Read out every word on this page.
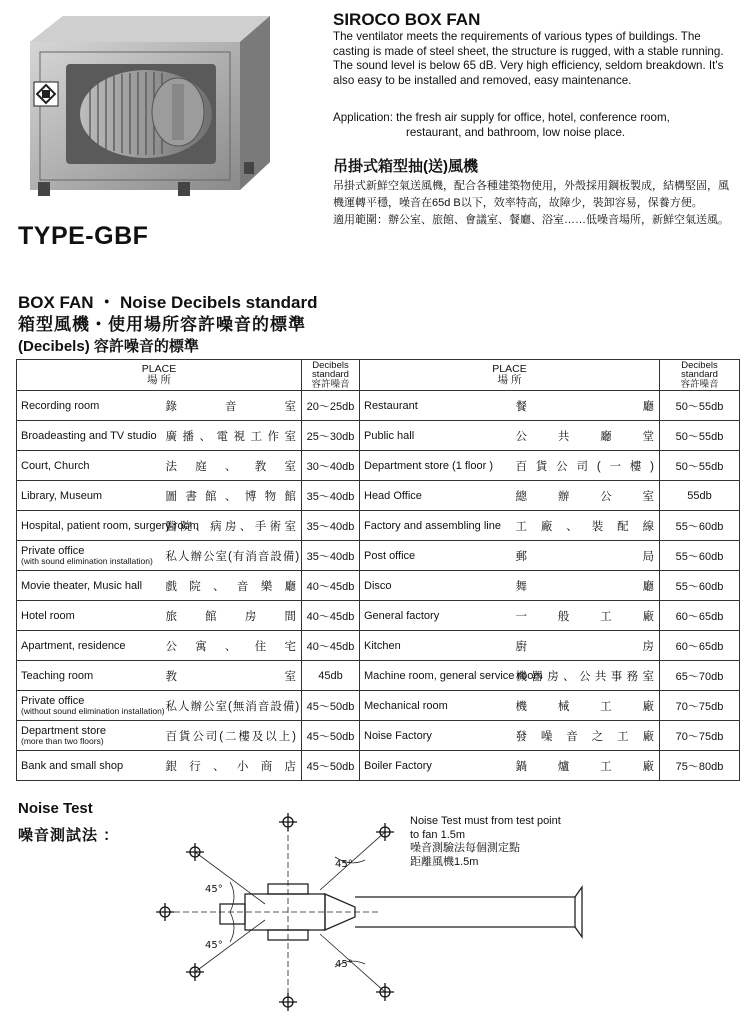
TYPE-GBF
SIROCO BOX FAN
The ventilator meets the requirements of various types of buildings. The casting is made of steel sheet, the structure is rugged, with a stable running. The sound level is below 65 dB. Very high efficiency, seldom breakdown. It's also easy to be installed and removed, easy maintenance.
Application: the fresh air supply for office, hotel, conference room,
restaurant, and bathroom, low noise place.
吊掛式箱型抽(送)風機
吊掛式新鮮空氣送風機，配合各種建築物使用，外殼採用鋼板製成，結構堅固，風機運轉平穩，噪音在65d B以下，效率特高，故障少，裝卸容易，保養方便。
適用範圍：辦公室、旅館、會議室、餐廳、浴室……低噪音場所，新鮮空氣送風。
BOX FAN ・ Noise Decibels standard
箱型風機・使用場所容許噪音的標準
(Decibels) 容許噪音的標準
PLACE
場 所		Decibels
standard
容許噪音	PLACE
場 所		Decibels
standard
容許噪音

Recording room	錄音室	20～25db	Restaurant	餐廳	50～55db
Broadeasting and TV studio	廣播、電視工作室	25～30db	Public hall	公共廳堂	50～55db
Court, Church	法庭、教室	30～40db	Department store (1 floor )	百貨公司(一樓)	50～55db
Library, Museum	圖書館、博物館	35～40db	Head Office	總辦公室	55db
Hospital, patient room, surgery room	醫院、病房、手術室	35～40db	Factory and assembling line	工廠、裝配線	55～60db

Private office
(with sound elimination installation)	私人辦公室(有消音設備)	35～40db	Post office	郵局	55～60db
Movie theater, Music hall	戲院、音樂廳	40～45db	Disco	舞廳	55～60db
Hotel room	旅館房間	40～45db	General factory	一般工廠	60～65db
Apartment, residence	公寓、住宅	40～45db	Kitchen	廚房	60～65db
Teaching room	教室	45db	Machine room, general service room	機器房、公共事務室	65～70db

Private office
(without sound elimination installation)	私人辦公室(無消音設備)	45～50db	Mechanical room	機械工廠	70～75db

Department store
(more than two floors)	百貨公司(二樓及以上)	45～50db	Noise Factory	發噪音之工廠	70～75db
Bank and small shop	銀行、小商店	45～50db	Boiler Factory	鍋爐工廠	75～80db
Noise Test
噪音測試法 ：
45°
45°
45°
45°
Noise Test must from test point
to fan 1.5m
噪音測驗法每個測定點
距離風機1.5m
